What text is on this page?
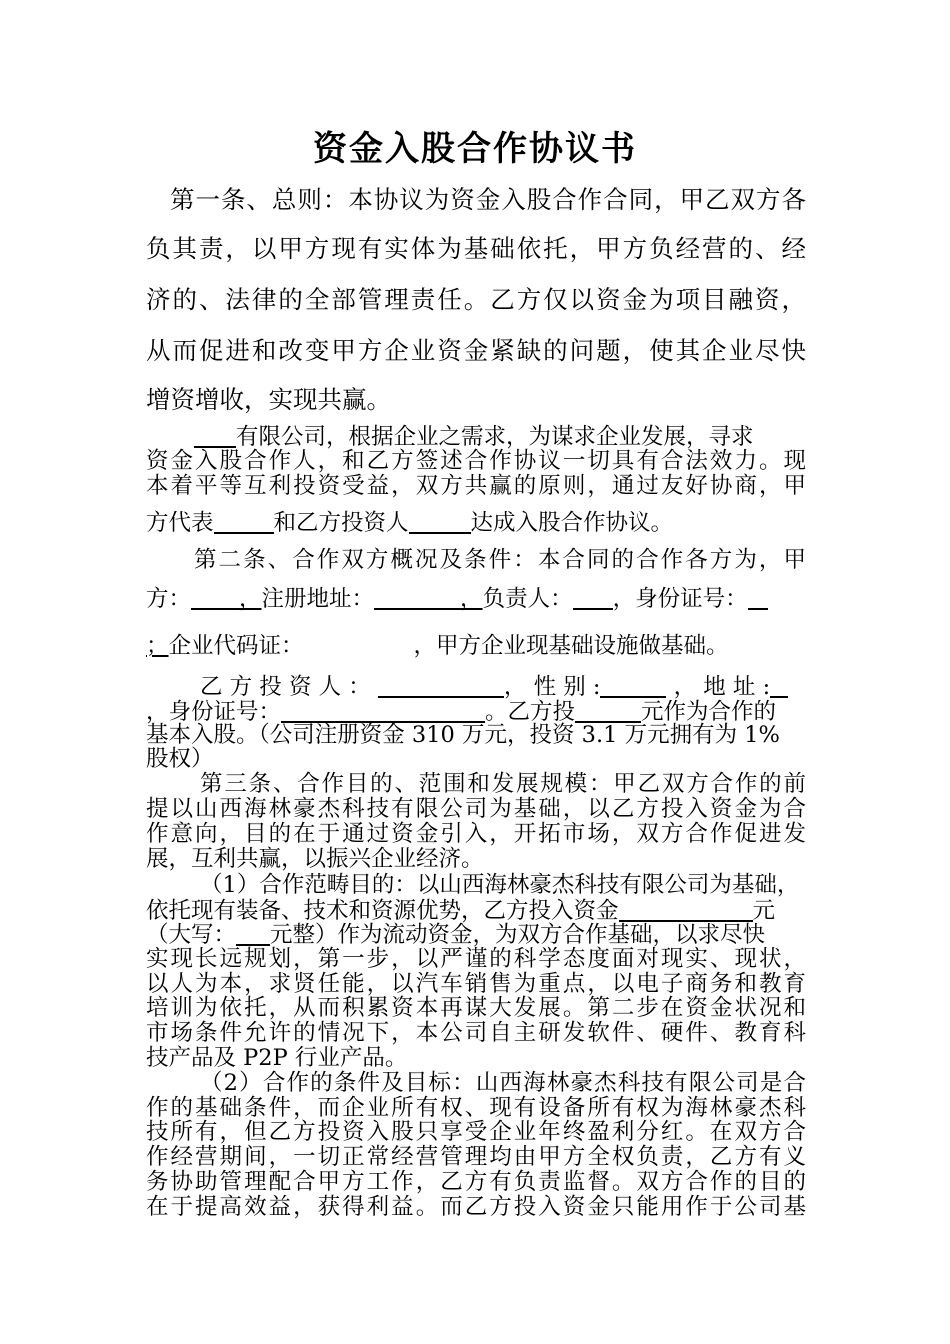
资金入股合作协议书
第一条、总则：本协议为资金入股合作合同，甲乙双方各
负其责，以甲方现有实体为基础依托，甲方负经营的、经
济的、法律的全部管理责任。乙方仅以资金为项目融资，
从而促进和改变甲方企业资金紧缺的问题，使其企业尽快
增资增收，实现共赢。
有限公司，根据企业之需求，为谋求企业发展，寻求
资金入股合作人，和乙方签述合作协议一切具有合法效力。现
本着平等互利投资受益，双方共赢的原则，通过友好协商，甲
方代表	和乙方投资人	达成入股合作协议。
第二条、合作双方概况及条件：本合同的合作各方为，甲
方： ，注册地址：	，负责人： ，身份证号：
；企业代码证：	，甲方企业现基础设施做基础。
乙 方 投 资 人 ：	， 性 别 :	， 地 址 :
，身份证号：	。乙方投	元作为合作的
基本入股。（公司注册资金 310 万元，投资 3.1 万元拥有为 1%
股权）
第三条、合作目的、范围和发展规模：甲乙双方合作的前
提以山西海林豪杰科技有限公司为基础，以乙方投入资金为合
作意向，目的在于通过资金引入，开拓市场，双方合作促进发
展，互利共赢，以振兴企业经济。
（1）合作范畴目的：以山西海林豪杰科技有限公司为基础，
依托现有装备、技术和资源优势，乙方投入资金	元
（大写： 元整）作为流动资金，为双方合作基础，以求尽快
实现长远规划，第一步，以严谨的科学态度面对现实、现状，
以人为本，求贤任能，以汽车销售为重点，以电子商务和教育
培训为依托，从而积累资本再谋大发展。第二步在资金状况和
市场条件允许的情况下，本公司自主研发软件、硬件、教育科
技产品及 P2P 行业产品。
（2）合作的条件及目标：山西海林豪杰科技有限公司是合
作的基础条件，而企业所有权、现有设备所有权为海林豪杰科
技所有，但乙方投资入股只享受企业年终盈利分红。在双方合
作经营期间，一切正常经营管理均由甲方全权负责，乙方有义
务协助管理配合甲方工作，乙方有负责监督。双方合作的目的
在于提高效益，获得利益。而乙方投入资金只能用作于公司基
